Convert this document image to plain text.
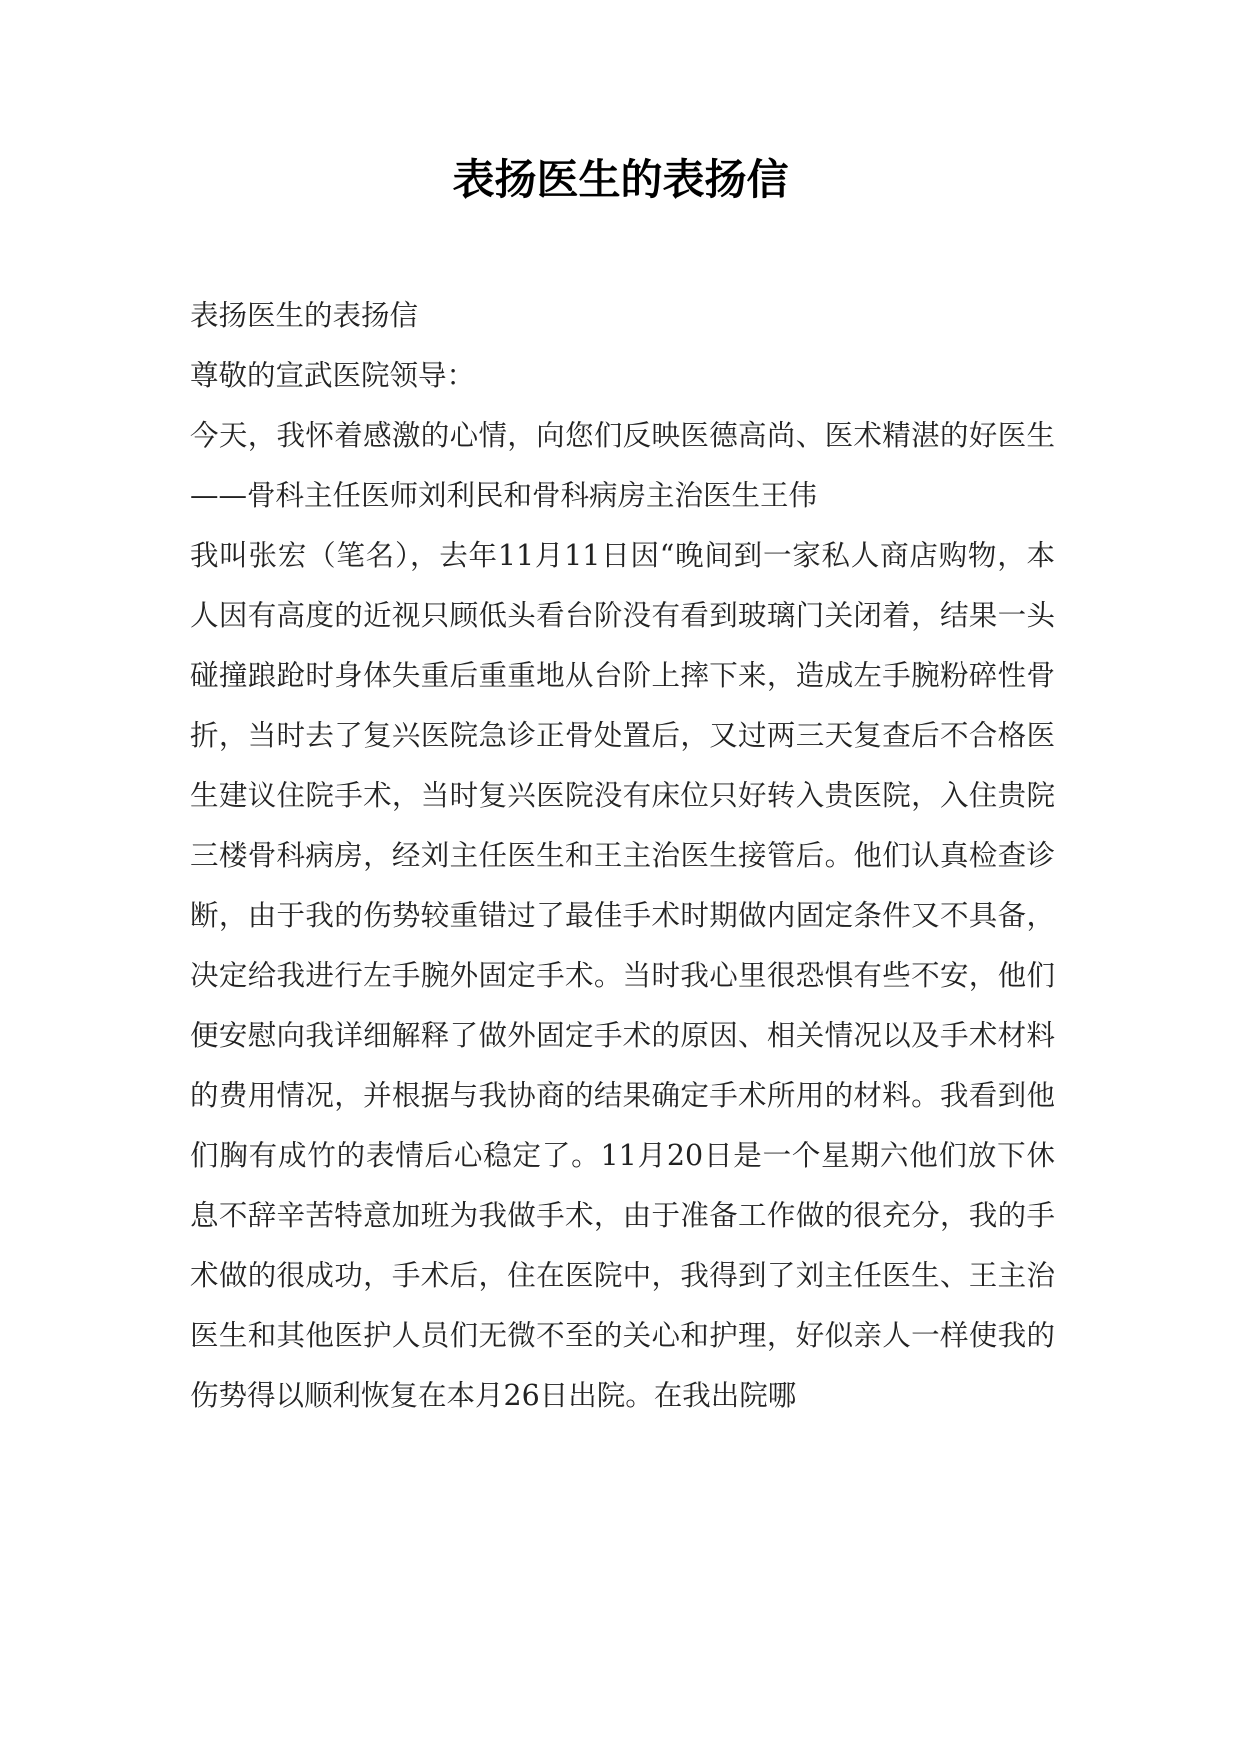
表扬医生的表扬信

表扬医生的表扬信

尊敬的宣武医院领导：

今天，我怀着感激的心情，向您们反映医德高尚、医术精湛的好医生——骨科主任医师刘利民和骨科病房主治医生王伟

我叫张宏（笔名），去年11月11日因“晚间到一家私人商店购物，本人因有高度的近视只顾低头看台阶没有看到玻璃门关闭着，结果一头碰撞踉跄时身体失重后重重地从台阶上摔下来，造成左手腕粉碎性骨折，当时去了复兴医院急诊正骨处置后，又过两三天复查后不合格医生建议住院手术，当时复兴医院没有床位只好转入贵医院，入住贵院三楼骨科病房，经刘主任医生和王主治医生接管后。他们认真检查诊断，由于我的伤势较重错过了最佳手术时期做内固定条件又不具备，决定给我进行左手腕外固定手术。当时我心里很恐惧有些不安，他们便安慰向我详细解释了做外固定手术的原因、相关情况以及手术材料的费用情况，并根据与我协商的结果确定手术所用的材料。我看到他们胸有成竹的表情后心稳定了。11月20日是一个星期六他们放下休息不辞辛苦特意加班为我做手术，由于准备工作做的很充分，我的手术做的很成功，手术后，住在医院中，我得到了刘主任医生、王主治医生和其他医护人员们无微不至的关心和护理，好似亲人一样使我的伤势得以顺利恢复在本月26日出院。在我出院哪
